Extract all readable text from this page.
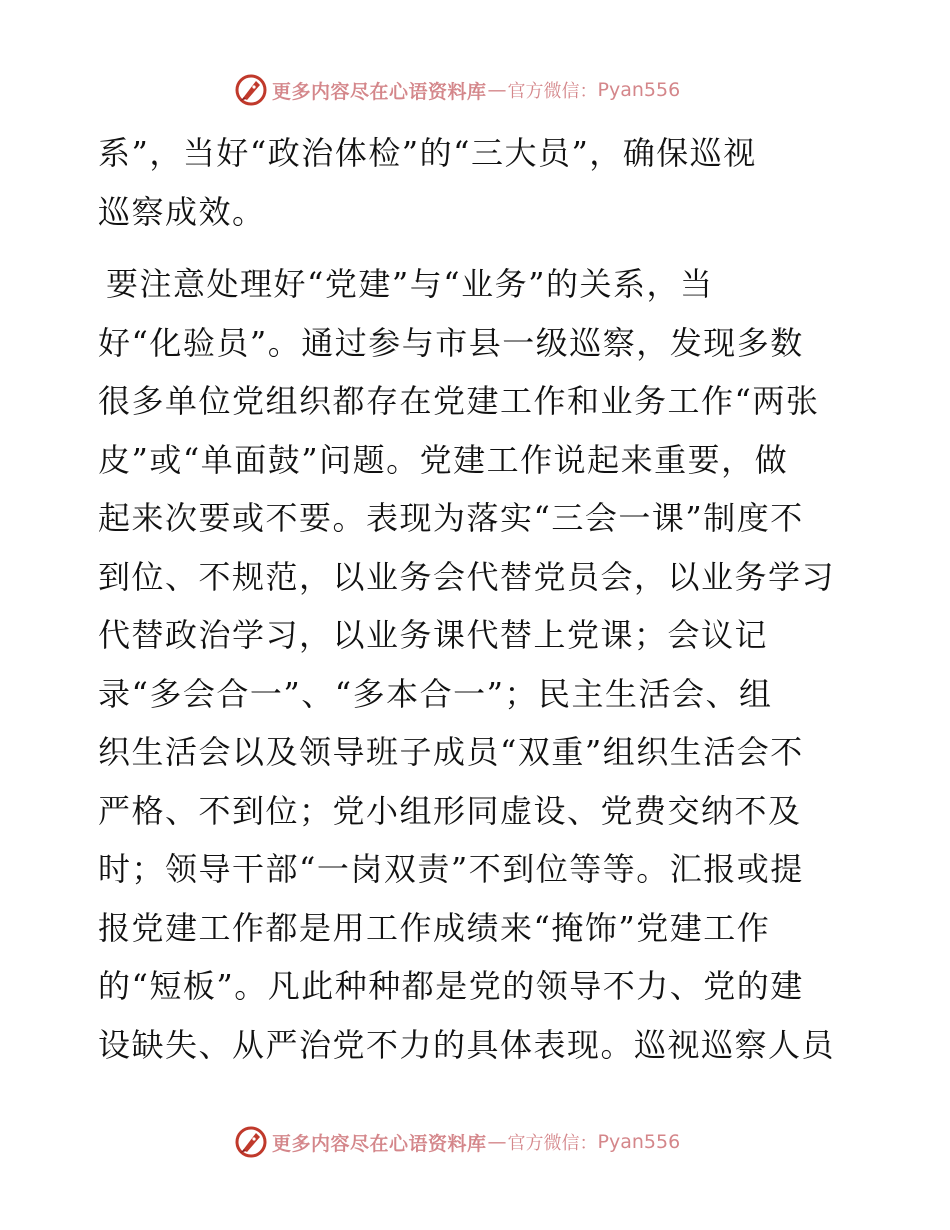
更多内容尽在心语资料库 — 官方微信： Pyan556
系”，当好“政治体检”的“三大员”，确保巡视
巡察成效。
要注意处理好“党建”与“业务”的关系，当
好“化验员”。通过参与市县一级巡察，发现多数
很多单位党组织都存在党建工作和业务工作“两张
皮”或“单面鼓”问题。党建工作说起来重要，做
起来次要或不要。表现为落实“三会一课”制度不
到位、不规范，以业务会代替党员会，以业务学习
代替政治学习，以业务课代替上党课；会议记
录“多会合一”、“多本合一”；民主生活会、组
织生活会以及领导班子成员“双重”组织生活会不
严格、不到位；党小组形同虚设、党费交纳不及
时；领导干部“一岗双责”不到位等等。汇报或提
报党建工作都是用工作成绩来“掩饰”党建工作
的“短板”。凡此种种都是党的领导不力、党的建
设缺失、从严治党不力的具体表现。巡视巡察人员
更多内容尽在心语资料库 — 官方微信： Pyan556
